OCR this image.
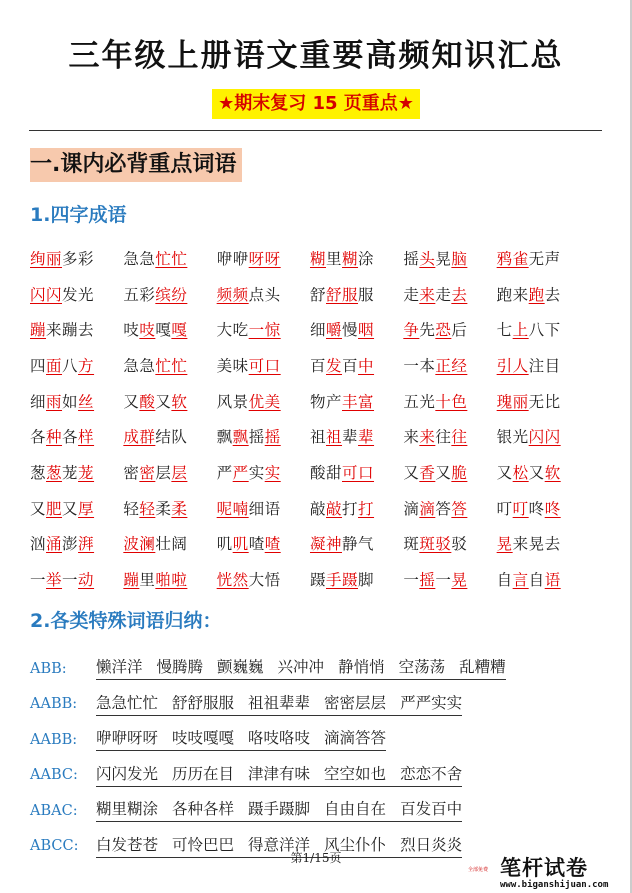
三年级上册语文重要高频知识汇总
★期末复习 15 页重点★
一.课内必背重点词语
1.四字成语
绚丽多彩	急急忙忙	咿咿呀呀	糊里糊涂	摇头晃脑	鸦雀无声
闪闪发光	五彩缤纷	频频点头	舒舒服服	走来走去	跑来跑去
蹦来蹦去	吱吱嘎嘎	大吃一惊	细嚼慢咽	争先恐后	七上八下
四面八方	急急忙忙	美味可口	百发百中	一本正经	引人注目
细雨如丝	又酸又软	风景优美	物产丰富	五光十色	瑰丽无比
各种各样	成群结队	飘飘摇摇	祖祖辈辈	来来往往	银光闪闪
葱葱茏茏	密密层层	严严实实	酸甜可口	又香又脆	又松又软
又肥又厚	轻轻柔柔	呢喃细语	敲敲打打	滴滴答答	叮叮咚咚
汹涌澎湃	波澜壮阔	叽叽喳喳	凝神静气	斑斑驳驳	晃来晃去
一举一动	蹦里啪啦	恍然大悟	蹑手蹑脚	一摇一晃	自言自语
2.各类特殊词语归纳：
ABB:	懒洋洋 慢腾腾 颤巍巍 兴冲冲 静悄悄 空荡荡 乱糟糟
AABB:	急急忙忙 舒舒服服 祖祖辈辈 密密层层 严严实实
AABB:	咿咿呀呀 吱吱嘎嘎 咯吱咯吱 滴滴答答
AABC:	闪闪发光 历历在目 津津有味 空空如也 恋恋不舍
ABAC:	糊里糊涂 各种各样 蹑手蹑脚 自由自在 百发百中
ABCC:	白发苍苍 可怜巴巴 得意洋洋 风尘仆仆 烈日炎炎
第1/15页
全部免费 笔杆试卷
www.biganshijuan.com
